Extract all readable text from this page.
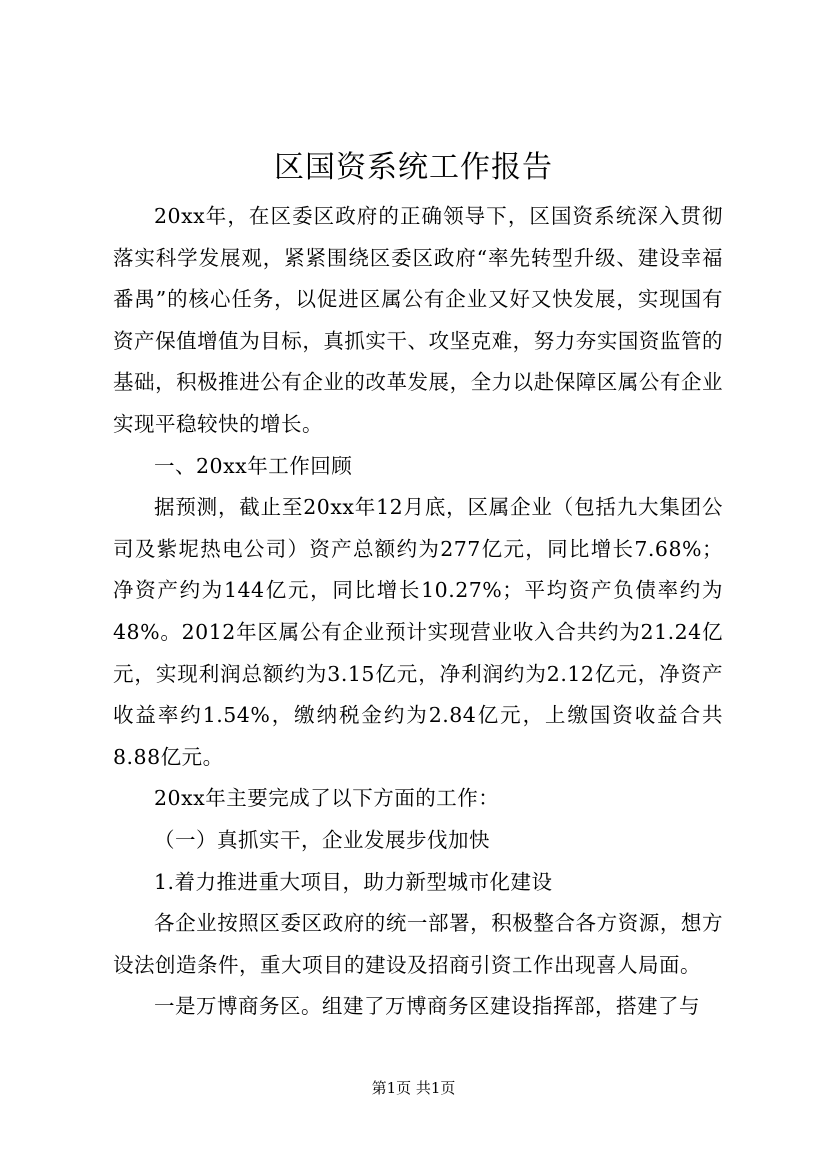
区国资系统工作报告

20xx年，在区委区政府的正确领导下，区国资系统深入贯彻落实科学发展观，紧紧围绕区委区政府“率先转型升级、建设幸福番禺”的核心任务，以促进区属公有企业又好又快发展，实现国有资产保值增值为目标，真抓实干、攻坚克难，努力夯实国资监管的基础，积极推进公有企业的改革发展，全力以赴保障区属公有企业实现平稳较快的增长。

一、20xx年工作回顾

据预测，截止至20xx年12月底，区属企业（包括九大集团公司及紫坭热电公司）资产总额约为277亿元，同比增长7.68%；净资产约为144亿元，同比增长10.27%；平均资产负债率约为48%。2012年区属公有企业预计实现营业收入合共约为21.24亿元，实现利润总额约为3.15亿元，净利润约为2.12亿元，净资产收益率约1.54%，缴纳税金约为2.84亿元，上缴国资收益合共8.88亿元。

20xx年主要完成了以下方面的工作：

（一）真抓实干，企业发展步伐加快

1.着力推进重大项目，助力新型城市化建设

各企业按照区委区政府的统一部署，积极整合各方资源，想方设法创造条件，重大项目的建设及招商引资工作出现喜人局面。

一是万博商务区。组建了万博商务区建设指挥部，搭建了与

第1页 共1页
